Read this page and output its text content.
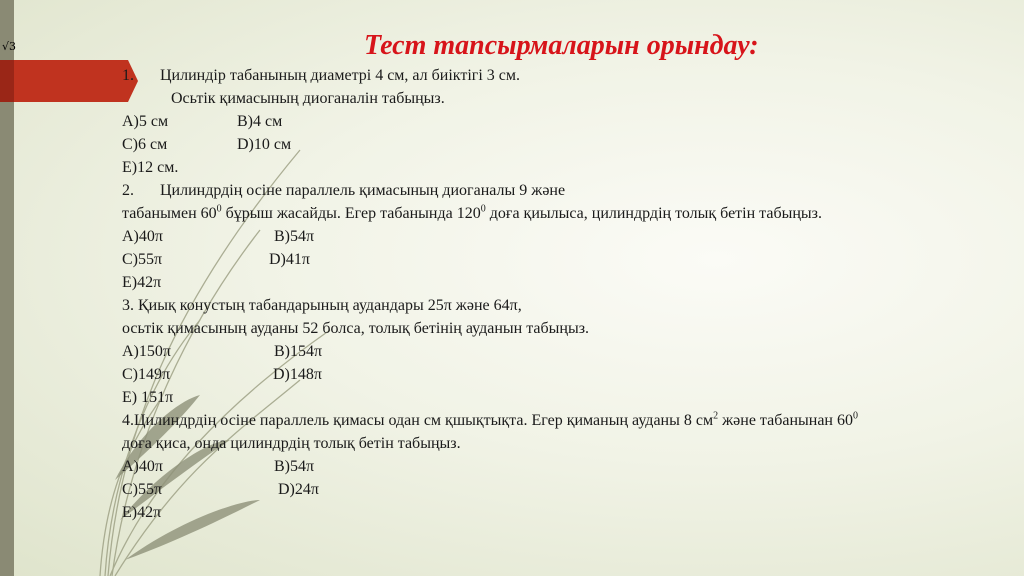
√3	Тест тапсырмаларын орындау:
1. Цилиндір табанының диаметрі 4 см, ал биіктігі 3 см.
Осьтік қимасының диоганалін табыңыз.
A)5 см	B)4 см
C)6 см	D)10 см
E)12 см.
2. Цилиндрдің осіне параллель қимасының диоганалы 9 және
табанымен $60^0$ бұрыш жасайды. Егер табанында $120^0$ доға қиылыса, цилиндрдің толық бетін табыңыз.
A)40π	B)54π
C)55π	D)41π
E)42π
3. Қиық конустың табандарының аудандары 25π және 64π,
осьтік қимасының ауданы 52 болса, толық бетінің ауданын табыңыз.
A)150π	B)154π
C)149π	D)148π
E) 151π
4.Цилиндрдің осіне параллель қимасы одан см қшықтықта. Егер қиманың ауданы 8 $см^2$ және табанынан $60^0$
доға қиса, онда цилиндрдің толық бетін табыңыз.
A)40π	B)54π
C)55π	D)24π
E)42π
